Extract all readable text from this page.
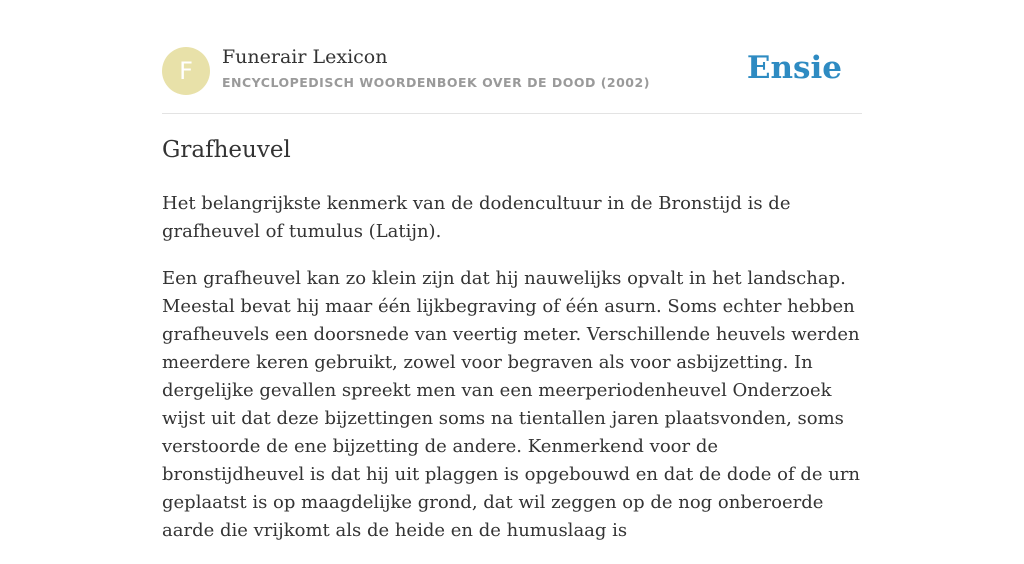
F	Funerair Lexicon
ENCYCLOPEDISCH WOORDENBOEK OVER DE DOOD (2002)	Ensie
Grafheuvel

Het belangrijkste kenmerk van de dodencultuur in de Bronstijd is de grafheuvel of tumulus (Latijn).

Een grafheuvel kan zo klein zijn dat hij nauwelijks opvalt in het landschap. Meestal bevat hij maar één lijkbegraving of één asurn. Soms echter hebben grafheuvels een doorsnede van veertig meter. Verschillende heuvels werden meerdere keren gebruikt, zowel voor begraven als voor asbijzetting. In dergelijke gevallen spreekt men van een meerperiodenheuvel Onderzoek wijst uit dat deze bijzettingen soms na tientallen jaren plaatsvonden, soms verstoorde de ene bijzetting de andere. Kenmerkend voor de bronstijdheuvel is dat hij uit plaggen is opgebouwd en dat de dode of de urn geplaatst is op maagdelijke grond, dat wil zeggen op de nog onberoerde aarde die vrijkomt als de heide en de humuslaag is
